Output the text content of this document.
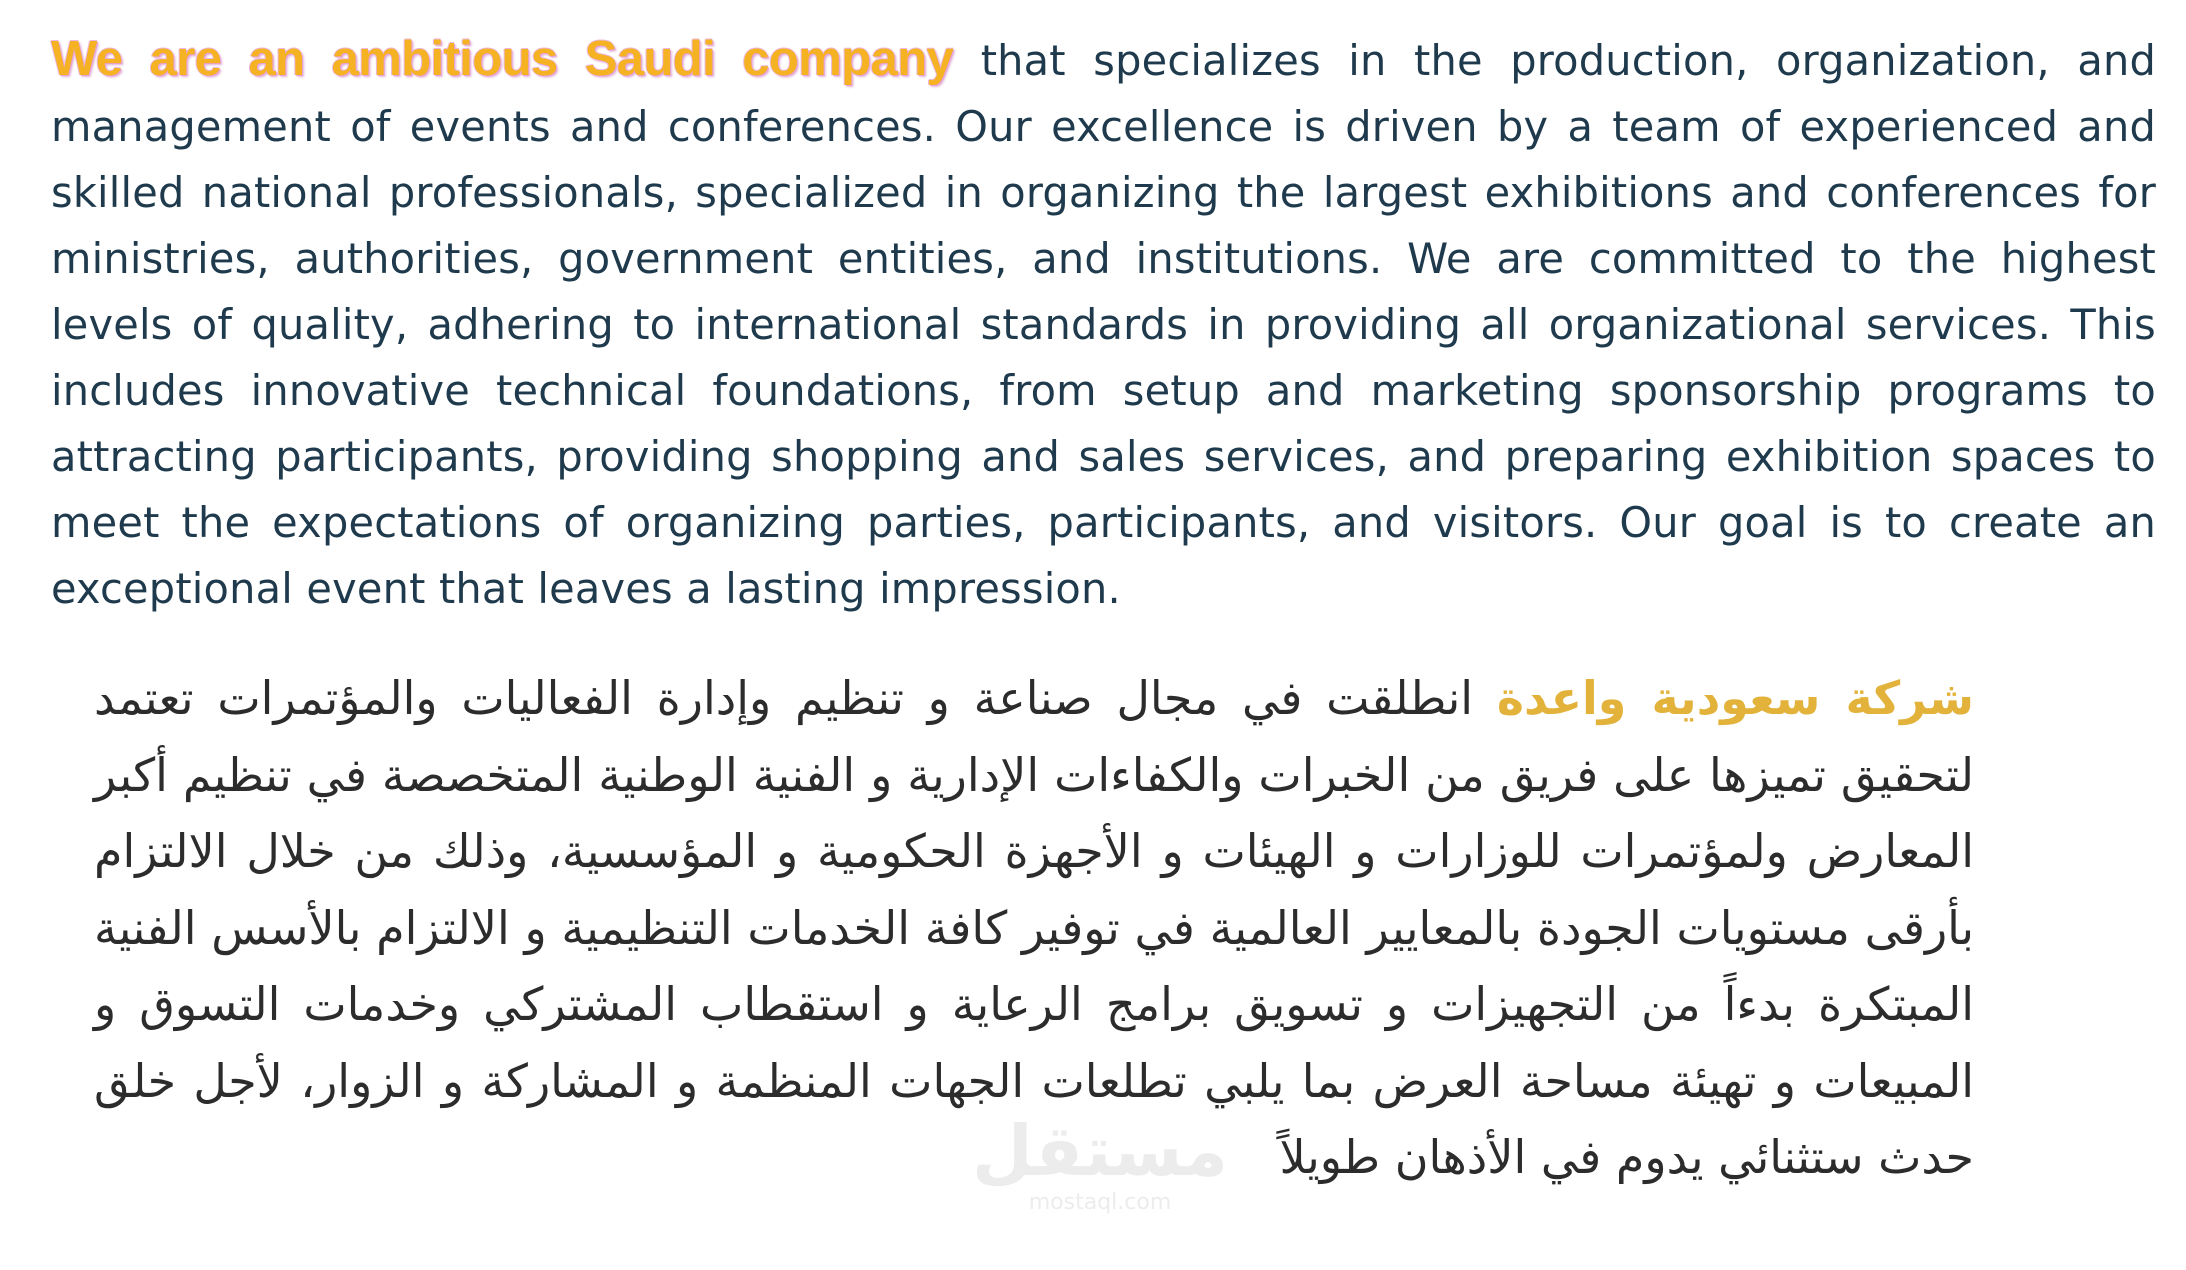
We are an ambitious Saudi company that specializes in the production, organization, and management of events and conferences. Our excellence is driven by a team of experienced and skilled national professionals, specialized in organizing the largest exhibitions and conferences for ministries, authorities, government entities, and institutions. We are committed to the highest levels of quality, adhering to international standards in providing all organizational services. This includes innovative technical foundations, from setup and marketing sponsorship programs to attracting participants, providing shopping and sales services, and preparing exhibition spaces to meet the expectations of organizing parties, participants, and visitors. Our goal is to create an exceptional event that leaves a lasting impression.

شركة سعودية واعدة انطلقت في مجال صناعة و تنظيم وإدارة الفعاليات والمؤتمرات تعتمد لتحقيق تميزها على فريق من الخبرات والكفاءات الإدارية و الفنية الوطنية المتخصصة في تنظيم أكبر المعارض ولمؤتمرات للوزارات و الهيئات و الأجهزة الحكومية و المؤسسية، وذلك من خلال الالتزام بأرقى مستويات الجودة بالمعايير العالمية في توفير كافة الخدمات التنظيمية و الالتزام بالأسس الفنية المبتكرة بدءاً من التجهيزات و تسويق برامج الرعاية و استقطاب المشتركي وخدمات التسوق و المبيعات و تهيئة مساحة العرض بما يلبي تطلعات الجهات المنظمة و المشاركة و الزوار، لأجل خلق حدث ستثنائي يدوم في الأذهان طويلاً

مستقل
mostaql.com
